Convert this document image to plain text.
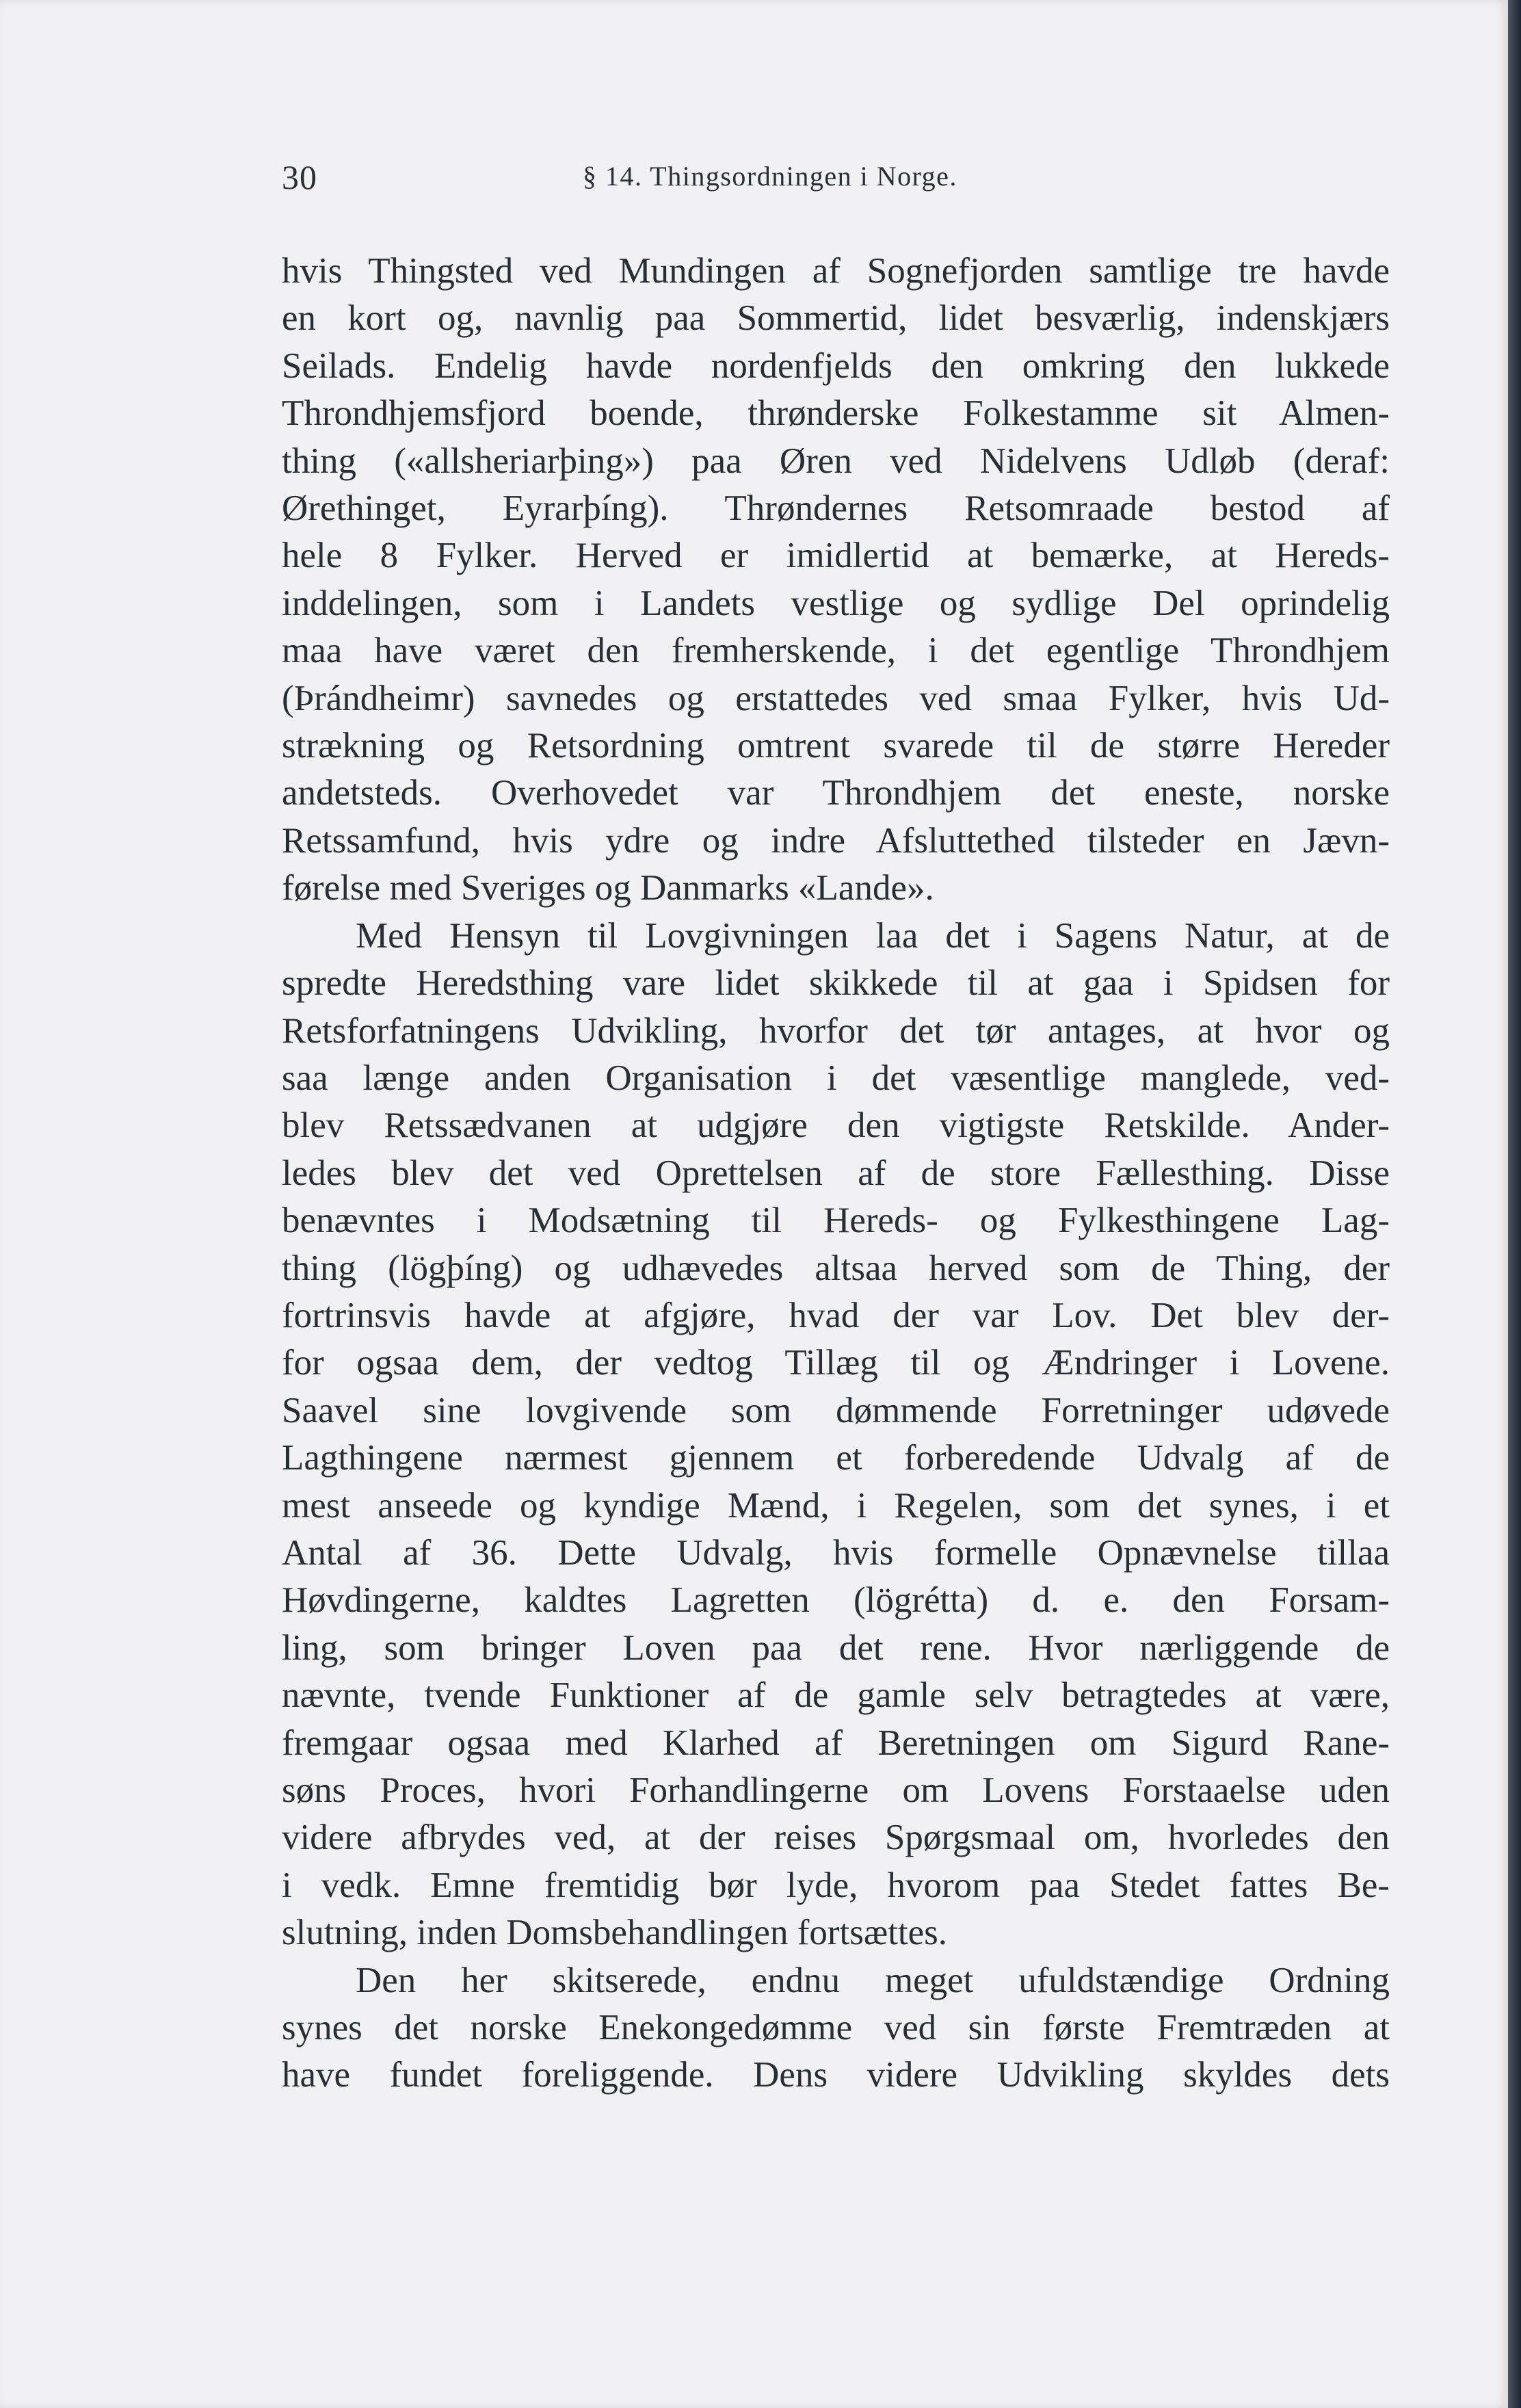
30	§ 14. Thingsordningen i Norge.

hvis Thingsted ved Mundingen af Sognefjorden samtlige tre havde

en kort og, navnlig paa Sommertid, lidet besværlig, indenskjærs

Seilads. Endelig havde nordenfjelds den omkring den lukkede

Throndhjemsfjord boende, thrønderske Folkestamme sit Almen-

thing («allsheriarþing») paa Øren ved Nidelvens Udløb (deraf:

Ørethinget, Eyrarþíng). Thrøndernes Retsomraade bestod af

hele 8 Fylker. Herved er imidlertid at bemærke, at Hereds-

inddelingen, som i Landets vestlige og sydlige Del oprindelig

maa have været den fremherskende, i det egentlige Throndhjem

(Þrándheimr) savnedes og erstattedes ved smaa Fylker, hvis Ud-

strækning og Retsordning omtrent svarede til de større Hereder

andetsteds. Overhovedet var Throndhjem det eneste, norske

Retssamfund, hvis ydre og indre Afsluttethed tilsteder en Jævn-

førelse med Sveriges og Danmarks «Lande».

Med Hensyn til Lovgivningen laa det i Sagens Natur, at de

spredte Heredsthing vare lidet skikkede til at gaa i Spidsen for

Retsforfatningens Udvikling, hvorfor det tør antages, at hvor og

saa længe anden Organisation i det væsentlige manglede, ved-

blev Retssædvanen at udgjøre den vigtigste Retskilde. Ander-

ledes blev det ved Oprettelsen af de store Fællesthing. Disse

benævntes i Modsætning til Hereds- og Fylkesthingene Lag-

thing (lögþíng) og udhævedes altsaa herved som de Thing, der

fortrinsvis havde at afgjøre, hvad der var Lov. Det blev der-

for ogsaa dem, der vedtog Tillæg til og Ændringer i Lovene.

Saavel sine lovgivende som dømmende Forretninger udøvede

Lagthingene nærmest gjennem et forberedende Udvalg af de

mest anseede og kyndige Mænd, i Regelen, som det synes, i et

Antal af 36. Dette Udvalg, hvis formelle Opnævnelse tillaa

Høvdingerne, kaldtes Lagretten (lögrétta) d. e. den Forsam-

ling, som bringer Loven paa det rene. Hvor nærliggende de

nævnte, tvende Funktioner af de gamle selv betragtedes at være,

fremgaar ogsaa med Klarhed af Beretningen om Sigurd Rane-

søns Proces, hvori Forhandlingerne om Lovens Forstaaelse uden

videre afbrydes ved, at der reises Spørgsmaal om, hvorledes den

i vedk. Emne fremtidig bør lyde, hvorom paa Stedet fattes Be-

slutning, inden Domsbehandlingen fortsættes.

Den her skitserede, endnu meget ufuldstændige Ordning

synes det norske Enekongedømme ved sin første Fremtræden at

have fundet foreliggende. Dens videre Udvikling skyldes dets
